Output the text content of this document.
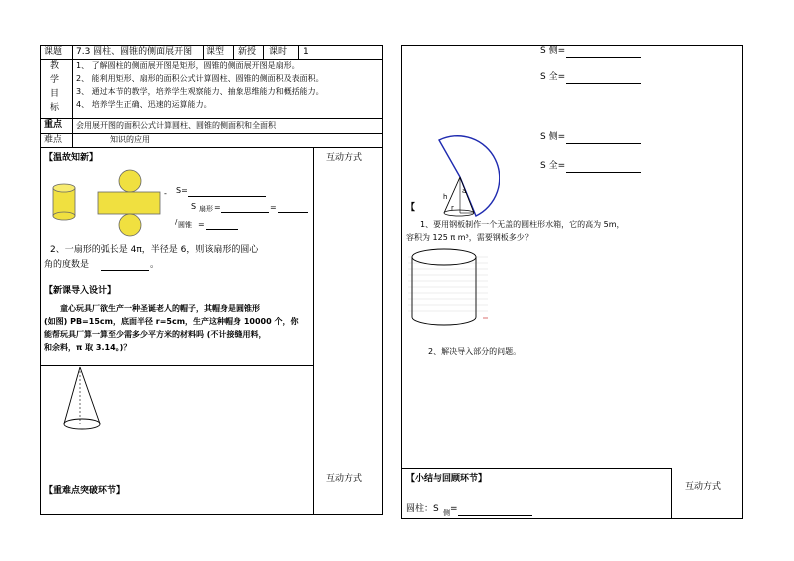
课题 7.3 圆柱、圆锥的侧面展开图 课型 新授 课时 1
教
学
目
标
1、 了解圆柱的侧面展开图是矩形，圆锥的侧面展开图是扇形。
2、 能利用矩形、扇形的面积公式计算圆柱、圆锥的侧面积及表面积。
3、 通过本节的教学，培养学生观察能力、抽象思维能力和概括能力。
4、 培养学生正确、迅速的运算能力。
重点 会用展开图的面积公式计算圆柱、圆锥的侧面积和全面积
难点	知识的应用
【温故知新】	互动方式
- S=
S 扇形 =	=
/ 圆锥 =
2、一扇形的弧长是 4π，半径是 6，则该扇形的圆心
角的度数是	。
【新课导入设计】
童心玩具厂欲生产一种圣诞老人的帽子，其帽身是圆锥形
(如图) PB=15cm，底面半径 r=5cm，生产这种帽身 10000 个，你
能帮玩具厂算一算至少需多少平方米的材料吗 (不计接缝用料，
和余料，π 取 3.14。)？
互动方式
【重难点突破环节】
S 侧=
S 全=
S 侧=
S 全=
a
h
r
【
1、要用钢板制作一个无盖的圆柱形水箱，它的高为 5m，
容积为 125 π m³，需要钢板多少？
2、解决导入部分的问题。
【小结与回顾环节】
互动方式
圆柱：S 侧 =
